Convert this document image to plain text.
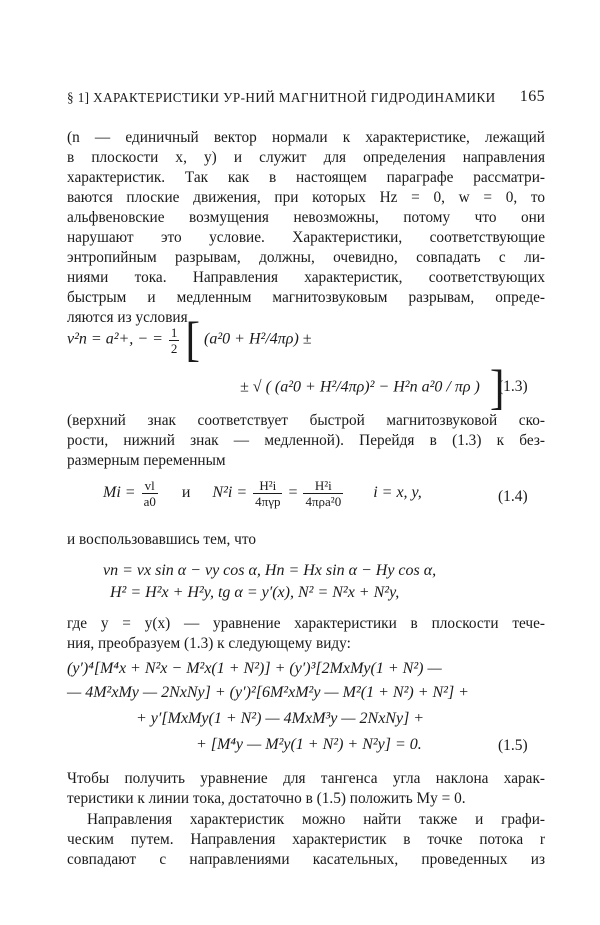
§ 1] ХАРАКТЕРИСТИКИ УР-НИЙ МАГНИТНОЙ ГИДРОДИНАМИКИ 165
(n — единичный вектор нормали к характеристике, лежащий
в плоскости x, y) и служит для определения направления
характеристик. Так как в настоящем параграфе рассматри-
ваются плоские движения, при которых Hz = 0, w = 0, то
альфвеновские возмущения невозможны, потому что они
нарушают это условие. Характеристики, соответствующие
энтропийным разрывам, должны, очевидно, совпадать с ли-
ниями тока. Направления характеристик, соответствующих
быстрым и медленным магнитозвуковым разрывам, опреде-
ляются из условия
v²n = a²+, − = $\frac{1}{2}$ [ (a²0 + H²/4πρ) ±
± √ ( (a²0 + H²/4πρ)² − H²n a²0 / πρ ) ]
(1.3)
(верхний знак соответствует быстрой магнитозвуковой ско-
рости, нижний знак — медленной). Перейдя в (1.3) к без-
размерным переменным
$Mi = \frac{vl}{a0}$ и $N^2i = \frac{\text{H²i}}{\text{4πγp}} = \frac{\text{H²i}}{\text{4πρa²0}}$ i = x, y,	(1.4)
и воспользовавшись тем, что
vn = vx sin α − vy cos α, Hn = Hx sin α − Hy cos α,
H² = H²x + H²y, tg α = y′(x), N² = N²x + N²y,
где y = y(x) — уравнение характеристики в плоскости тече-
ния, преобразуем (1.3) к следующему виду:
(y′)⁴[M⁴x + N²x − M²x(1 + N²)] + (y′)³[2MxMy(1 + N²) —
— 4M²xMy — 2NxNy] + (y′)²[6M²xM²y — M²(1 + N²) + N²] +
+ y′[MxMy(1 + N²) — 4MxM³y — 2NxNy] +
+ [M⁴y — M²y(1 + N²) + N²y] = 0.	(1.5)
Чтобы получить уравнение для тангенса угла наклона харак-
теристики к линии тока, достаточно в (1.5) положить My = 0.
Направления характеристик можно найти также и графи-
ческим путем. Направления характеристик в точке потока r
совпадают с направлениями касательных, проведенных из
